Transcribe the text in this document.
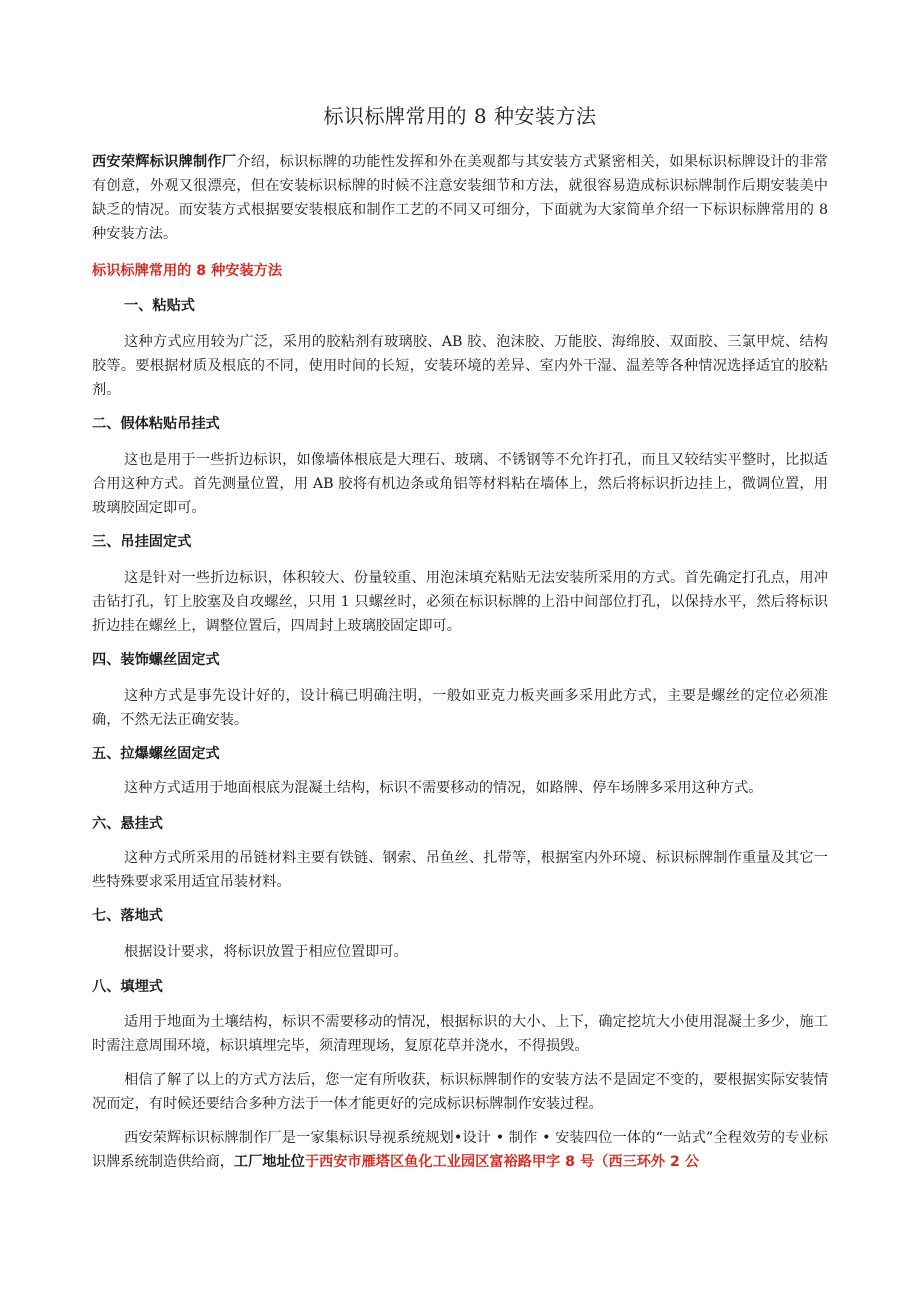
标识标牌常用的 8 种安装方法

西安荣辉标识牌制作厂介绍，标识标牌的功能性发挥和外在美观都与其安装方式紧密相关，如果标识标牌设计的非常有创意，外观又很漂亮，但在安装标识标牌的时候不注意安装细节和方法，就很容易造成标识标牌制作后期安装美中缺乏的情况。而安装方式根据要安装根底和制作工艺的不同又可细分，下面就为大家简单介绍一下标识标牌常用的 8 种安装方法。

标识标牌常用的 8 种安装方法

一、粘贴式

这种方式应用较为广泛，采用的胶粘剂有玻璃胶、AB 胶、泡沫胶、万能胶、海绵胶、双面胶、三氯甲烷、结构胶等。要根据材质及根底的不同，使用时间的长短，安装环境的差异、室内外干湿、温差等各种情况选择适宜的胶粘剂。

二、假体粘贴吊挂式

这也是用于一些折边标识，如像墙体根底是大理石、玻璃、不锈钢等不允许打孔，而且又较结实平整时，比拟适合用这种方式。首先测量位置，用 AB 胶将有机边条或角铝等材料粘在墙体上，然后将标识折边挂上，微调位置，用玻璃胶固定即可。

三、吊挂固定式

这是针对一些折边标识，体积较大、份量较重、用泡沫填充粘贴无法安装所采用的方式。首先确定打孔点，用冲击钻打孔，钉上胶塞及自攻螺丝，只用 1 只螺丝时，必须在标识标牌的上沿中间部位打孔，以保持水平，然后将标识折边挂在螺丝上，调整位置后，四周封上玻璃胶固定即可。

四、装饰螺丝固定式

这种方式是事先设计好的，设计稿已明确注明，一般如亚克力板夹画多采用此方式，主要是螺丝的定位必须准确，不然无法正确安装。

五、拉爆螺丝固定式

这种方式适用于地面根底为混凝土结构，标识不需要移动的情况，如路牌、停车场牌多采用这种方式。

六、悬挂式

这种方式所采用的吊链材料主要有铁链、钢索、吊鱼丝、扎带等，根据室内外环境、标识标牌制作重量及其它一些特殊要求采用适宜吊装材料。

七、落地式

根据设计要求，将标识放置于相应位置即可。

八、填埋式

适用于地面为土壤结构，标识不需要移动的情况，根据标识的大小、上下，确定挖坑大小使用混凝土多少，施工时需注意周围环境，标识填埋完毕，须清理现场，复原花草并浇水，不得损毁。

相信了解了以上的方式方法后，您一定有所收获，标识标牌制作的安装方法不是固定不变的，要根据实际安装情况而定，有时候还要结合多种方法于一体才能更好的完成标识标牌制作安装过程。

西安荣辉标识标牌制作厂是一家集标识导视系统规划•设计 • 制作 • 安装四位一体的“一站式”全程效劳的专业标识牌系统制造供给商，工厂地址位于西安市雁塔区鱼化工业园区富裕路甲字 8 号（西三环外 2 公
